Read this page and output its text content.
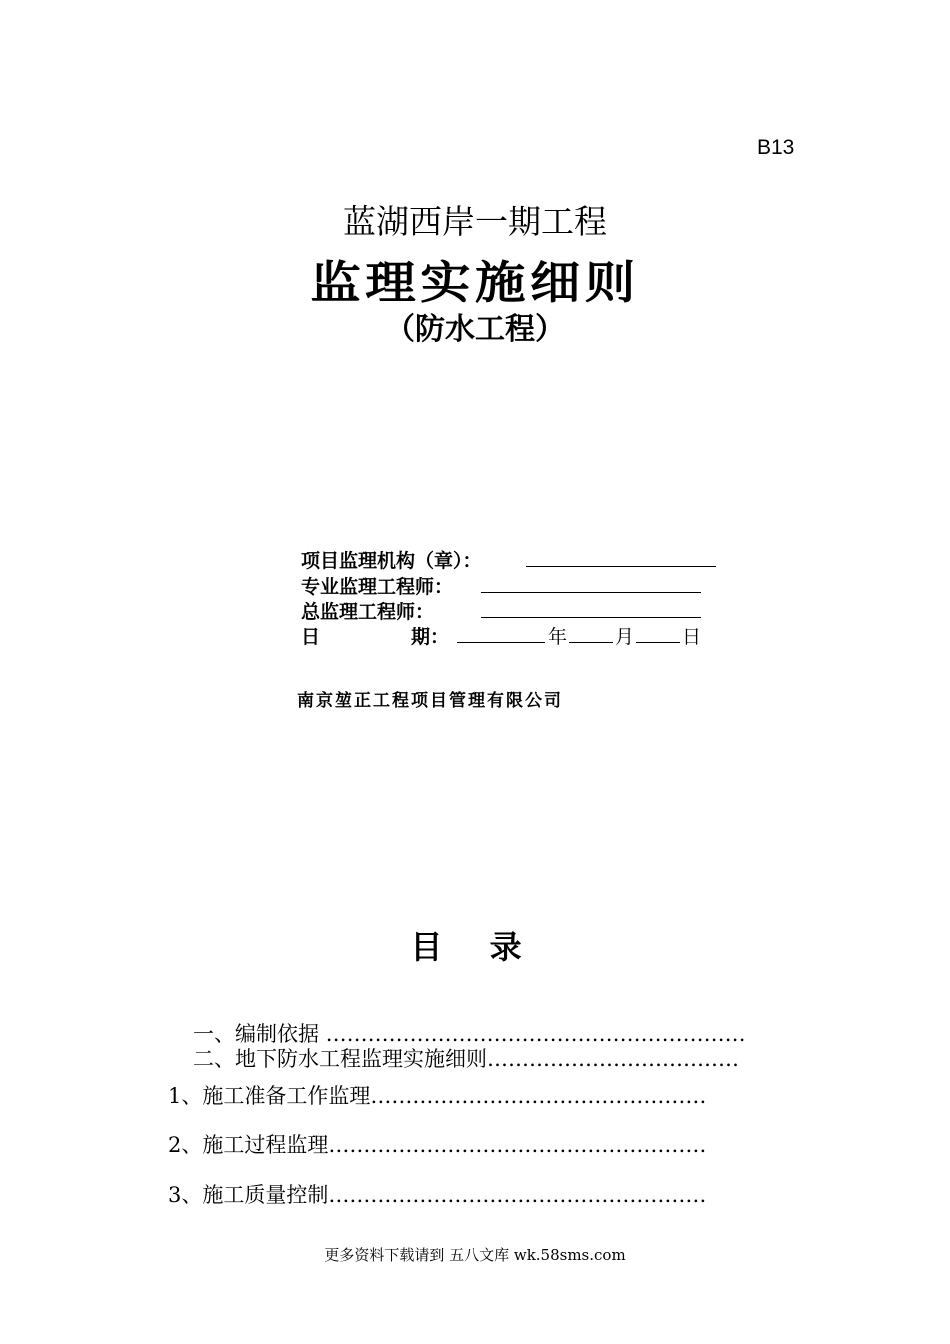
B13
蓝湖西岸一期工程
监理实施细则
（防水工程）
项目监理机构（章）：
专业监理工程师：
总监理工程师：
日	期：	年	月	日
南京堃正工程项目管理有限公司
目 录
一、编制依据 ……………………………………………………
二、地下防水工程监理实施细则………………………………
1、施工准备工作监理…………………………………………
2、施工过程监理………………………………………………
3、施工质量控制………………………………………………
更多资料下载请到 五八文库 wk.58sms.com
